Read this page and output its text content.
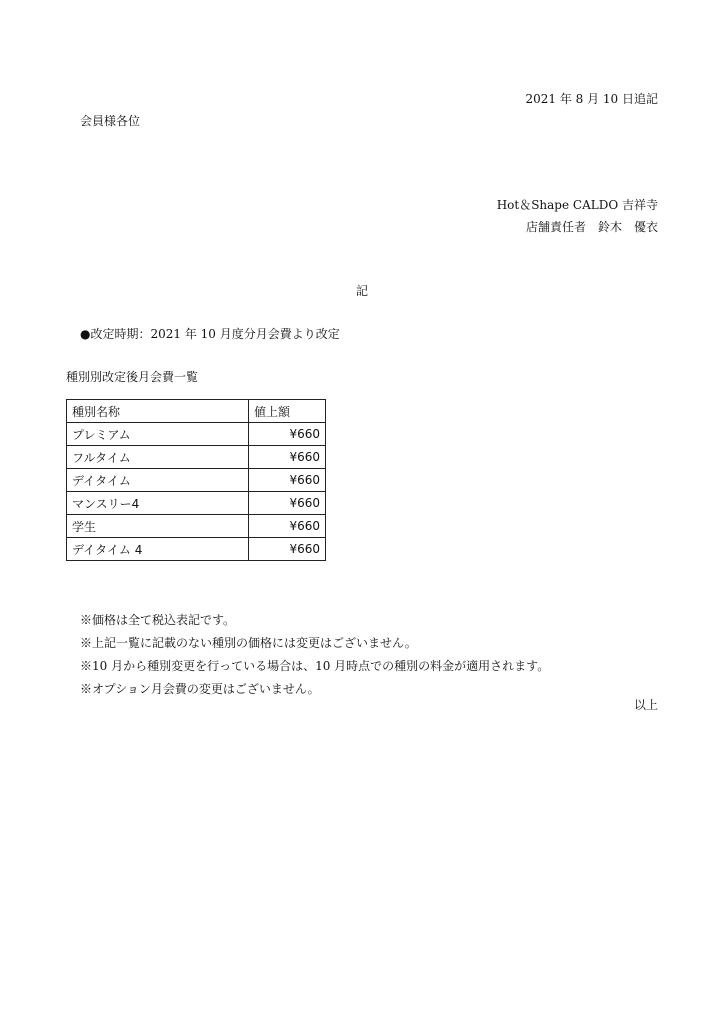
2021 年 8 月 10 日追記
会員様各位
Hot＆Shape CALDO 吉祥寺
店舗責任者　鈴木　優衣
記
●改定時期：2021 年 10 月度分月会費より改定
種別別改定後月会費一覧
種別名称	値上額
プレミアム	¥660
フルタイム	¥660
デイタイム	¥660
マンスリー4	¥660
学生	¥660
デイタイム 4	¥660
※価格は全て税込表記です。
※上記一覧に記載のない種別の価格には変更はございません。
※10 月から種別変更を行っている場合は、10 月時点での種別の料金が適用されます。
※オプション月会費の変更はございません。
以上
